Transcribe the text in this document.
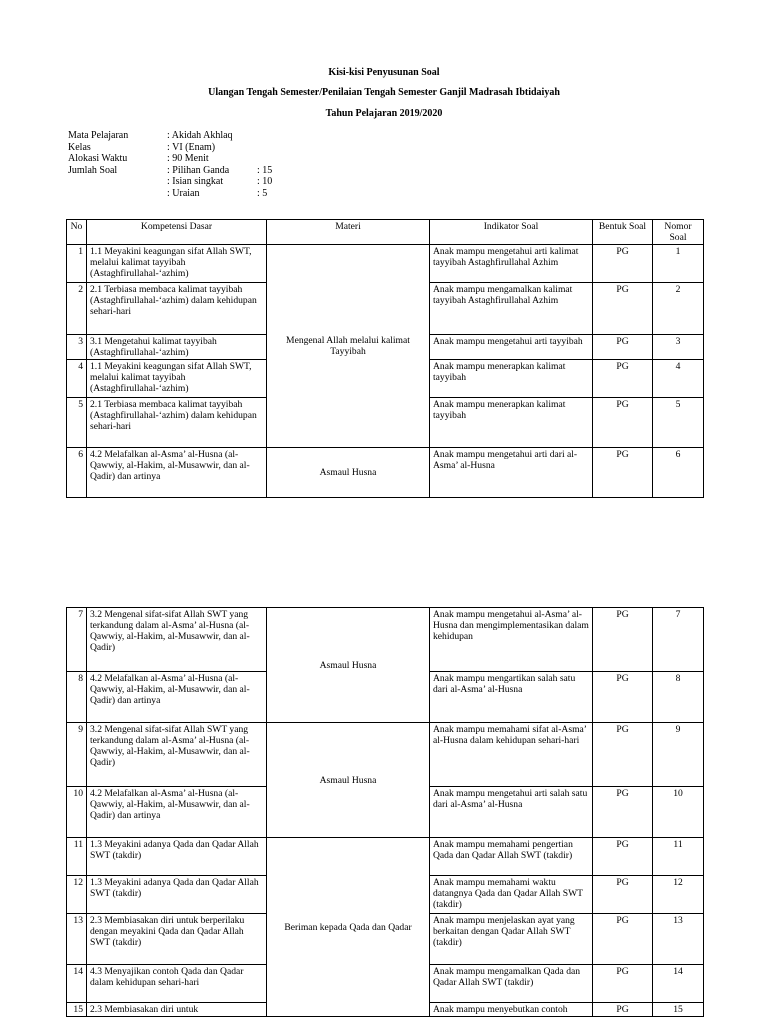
Kisi-kisi Penyusunan Soal
Ulangan Tengah Semester/Penilaian Tengah Semester Ganjil Madrasah Ibtidaiyah
Tahun Pelajaran 2019/2020
Mata Pelajaran	: Akidah Akhlaq
Kelas	: VI (Enam)
Alokasi Waktu	: 90 Menit
Jumlah Soal	: Pilihan Ganda	: 15
: Isian singkat	: 10
: Uraian	: 5
No	Kompetensi Dasar	Materi	Indikator Soal	Bentuk Soal	Nomor Soal
1	1.1 Meyakini keagungan sifat Allah SWT, melalui kalimat tayyibah (Astaghfirullahal-‘azhim)	Mengenal Allah melalui kalimat Tayyibah	Anak mampu mengetahui arti kalimat tayyibah Astaghfirullahal Azhim	PG	1
2	2.1 Terbiasa membaca kalimat tayyibah (Astaghfirullahal-‘azhim) dalam kehidupan sehari-hari		Anak mampu mengamalkan kalimat tayyibah Astaghfirullahal Azhim	PG	2
3	3.1 Mengetahui kalimat tayyibah (Astaghfirullahal-‘azhim)		Anak mampu mengetahui arti tayyibah	PG	3
4	1.1 Meyakini keagungan sifat Allah SWT, melalui kalimat tayyibah (Astaghfirullahal-‘azhim)		Anak mampu menerapkan kalimat tayyibah	PG	4
5	2.1 Terbiasa membaca kalimat tayyibah (Astaghfirullahal-‘azhim) dalam kehidupan sehari-hari		Anak mampu menerapkan kalimat tayyibah	PG	5
6	4.2 Melafalkan al-Asma’ al-Husna (al-Qawwiy, al-Hakim, al-Musawwir, dan al-Qadir) dan artinya	Asmaul Husna	Anak mampu mengetahui arti dari al-Asma’ al-Husna	PG	6
7	3.2 Mengenal sifat-sifat Allah SWT yang terkandung dalam al-Asma’ al-Husna (al-Qawwiy, al-Hakim, al-Musawwir, dan al-Qadir)	Asmaul Husna	Anak mampu mengetahui al-Asma’ al-Husna dan mengimplementasikan dalam kehidupan	PG	7
8	4.2 Melafalkan al-Asma’ al-Husna (al-Qawwiy, al-Hakim, al-Musawwir, dan al-Qadir) dan artinya		Anak mampu mengartikan salah satu dari al-Asma’ al-Husna	PG	8
9	3.2 Mengenal sifat-sifat Allah SWT yang terkandung dalam al-Asma’ al-Husna (al-Qawwiy, al-Hakim, al-Musawwir, dan al-Qadir)	Asmaul Husna	Anak mampu memahami sifat al-Asma’ al-Husna dalam kehidupan sehari-hari	PG	9
10	4.2 Melafalkan al-Asma’ al-Husna (al-Qawwiy, al-Hakim, al-Musawwir, dan al-Qadir) dan artinya		Anak mampu mengetahui arti salah satu dari al-Asma’ al-Husna	PG	10
11	1.3 Meyakini adanya Qada dan Qadar Allah SWT (takdir)	Beriman kepada Qada dan Qadar	Anak mampu memahami pengertian Qada dan Qadar Allah SWT (takdir)	PG	11
12	1.3 Meyakini adanya Qada dan Qadar Allah SWT (takdir)		Anak mampu memahami waktu datangnya Qada dan Qadar Allah SWT (takdir)	PG	12
13	2.3 Membiasakan diri untuk berperilaku dengan meyakini Qada dan Qadar Allah SWT (takdir)		Anak mampu menjelaskan ayat yang berkaitan dengan Qadar Allah SWT (takdir)	PG	13
14	4.3 Menyajikan contoh Qada dan Qadar dalam kehidupan sehari-hari		Anak mampu mengamalkan Qada dan Qadar Allah SWT (takdir)	PG	14
15	2.3 Membiasakan diri untuk		Anak mampu menyebutkan contoh	PG	15
